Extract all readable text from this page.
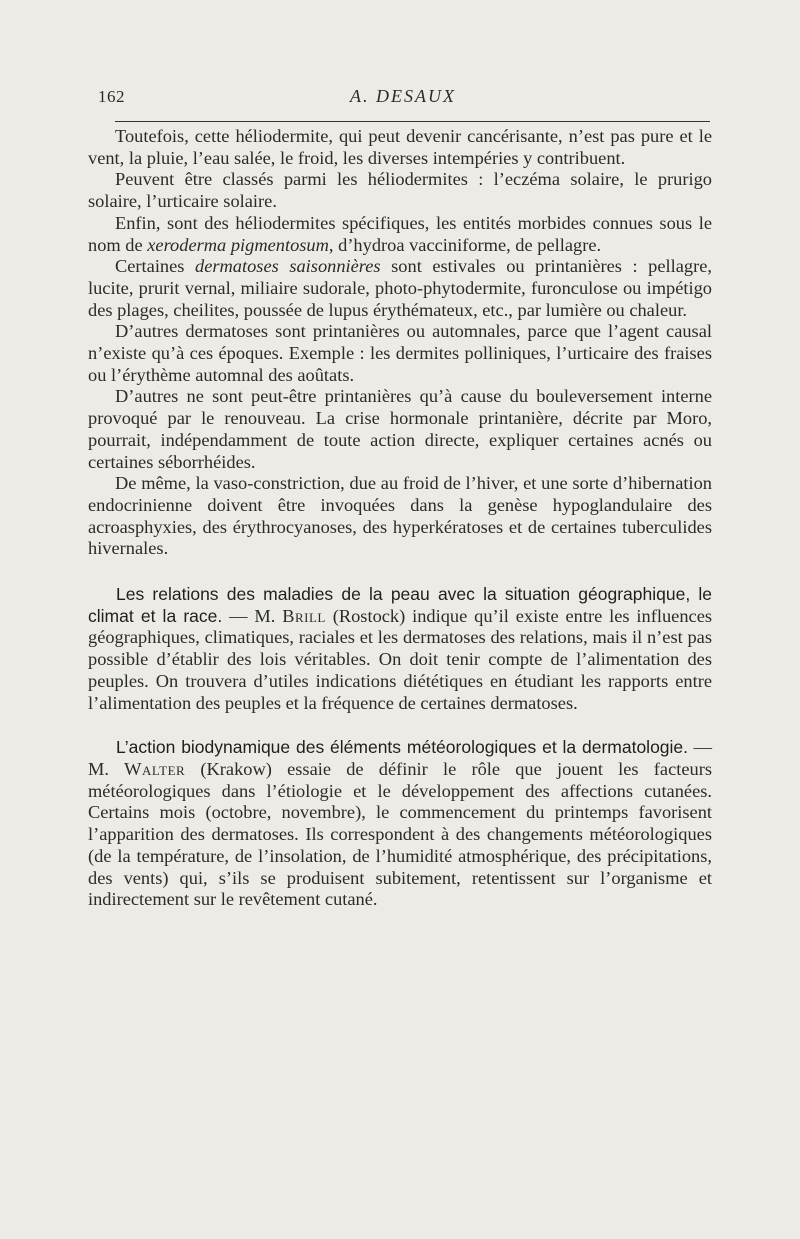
162	A. DESAUX

Toutefois, cette héliodermite, qui peut devenir cancérisante, n’est pas pure et le vent, la pluie, l’eau salée, le froid, les diverses intempéries y contribuent.

Peuvent être classés parmi les héliodermites : l’eczéma solaire, le prurigo solaire, l’urticaire solaire.

Enfin, sont des héliodermites spécifiques, les entités morbides connues sous le nom de xeroderma pigmentosum, d’hydroa vacciniforme, de pellagre.

Certaines dermatoses saisonnières sont estivales ou printanières : pellagre, lucite, prurit vernal, miliaire sudorale, photo-phytodermite, furonculose ou impétigo des plages, cheilites, poussée de lupus érythémateux, etc., par lumière ou chaleur.

D’autres dermatoses sont printanières ou automnales, parce que l’agent causal n’existe qu’à ces époques. Exemple : les dermites polliniques, l’urticaire des fraises ou l’érythème automnal des aoûtats.

D’autres ne sont peut-être printanières qu’à cause du bouleversement interne provoqué par le renouveau. La crise hormonale printanière, décrite par Moro, pourrait, indépendamment de toute action directe, expliquer certaines acnés ou certaines séborrhéides.

De même, la vaso-constriction, due au froid de l’hiver, et une sorte d’hibernation endocrinienne doivent être invoquées dans la genèse hypoglandulaire des acroasphyxies, des érythrocyanoses, des hyperkératoses et de certaines tuberculides hivernales.

Les relations des maladies de la peau avec la situation géographique, le climat et la race. — M. Brill (Rostock) indique qu’il existe entre les influences géographiques, climatiques, raciales et les dermatoses des relations, mais il n’est pas possible d’établir des lois véritables. On doit tenir compte de l’alimentation des peuples. On trouvera d’utiles indications diététiques en étudiant les rapports entre l’alimentation des peuples et la fréquence de certaines dermatoses.

L’action biodynamique des éléments météorologiques et la dermatologie. — M. Walter (Krakow) essaie de définir le rôle que jouent les facteurs météorologiques dans l’étiologie et le développement des affections cutanées. Certains mois (octobre, novembre), le commencement du printemps favorisent l’apparition des dermatoses. Ils correspondent à des changements météorologiques (de la température, de l’insolation, de l’humidité atmosphérique, des précipitations, des vents) qui, s’ils se produisent subitement, retentissent sur l’organisme et indirectement sur le revêtement cutané.
